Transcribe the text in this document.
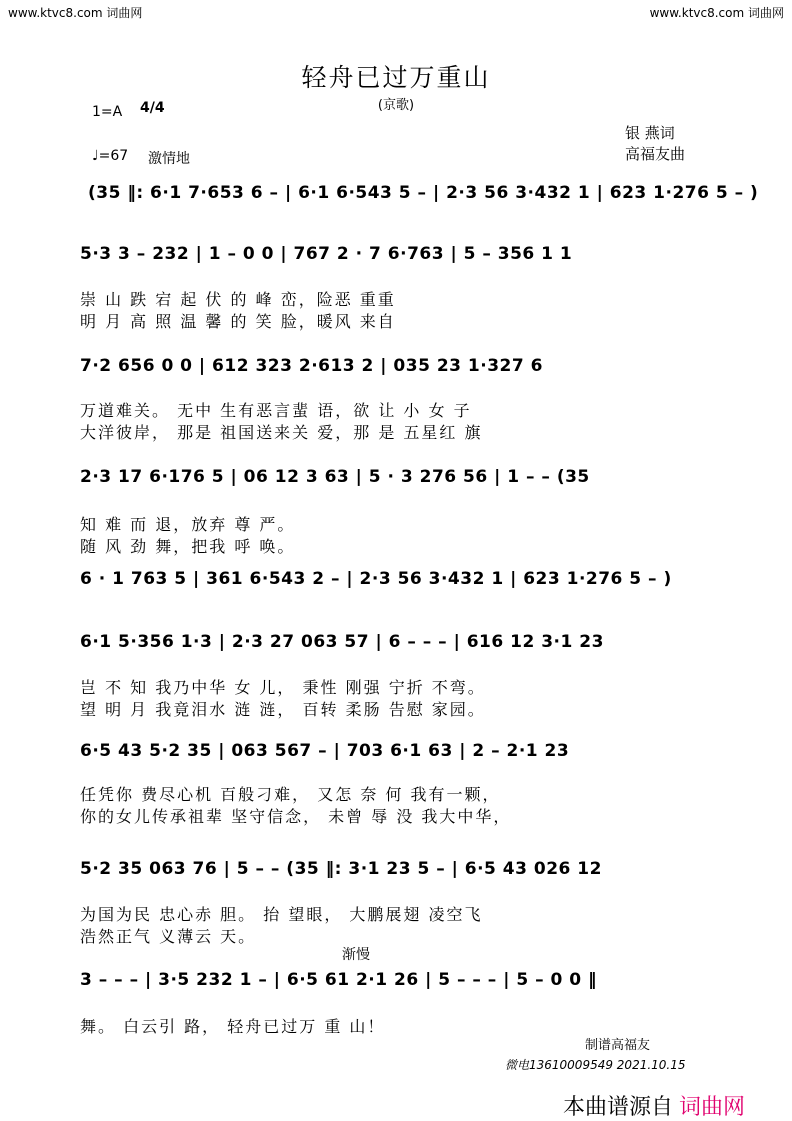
www.ktvc8.com 词曲网	www.ktvc8.com 词曲网
轻舟已过万重山
(京歌)
1=A 4/4
♩=67 激情地
银 燕词
高福友曲
(35 ‖: 6·1 7·653 6 – | 6·1 6·543 5 – | 2·3 56 3·432 1 | 623 1·276 5 – )
5·3 3 – 232 | 1 – 0 0 | 767 2 · 7 6·763 | 5 – 356 1 1
崇 山 跌 宕 起 伏 的 峰 峦，险恶 重重
明 月 高 照 温 馨 的 笑 脸，暖风 来自
7·2 656 0 0 | 612 323 2·613 2 | 035 23 1·327 6
万道难关。 无中 生有恶言蜚 语，欲 让 小 女 子
大洋彼岸， 那是 祖国送来关 爱，那 是 五星红 旗
2·3 17 6·176 5 | 06 12 3 63 | 5 · 3 276 56 | 1 – – (35
知 难 而 退，放弃 尊 严。
随 风 劲 舞，把我 呼 唤。
6 · 1 763 5 | 361 6·543 2 – | 2·3 56 3·432 1 | 623 1·276 5 – )
6·1 5·356 1·3 | 2·3 27 063 57 | 6 – – – | 616 12 3·1 23
岂 不 知 我乃中华 女 儿， 秉性 刚强 宁折 不弯。
望 明 月 我竟泪水 涟 涟， 百转 柔肠 告慰 家园。
6·5 43 5·2 35 | 063 567 – | 703 6·1 63 | 2 – 2·1 23
任凭你 费尽心机 百般刁难， 又怎 奈 何 我有一颗，
你的女儿传承祖辈 坚守信念， 未曾 辱 没 我大中华，
5·2 35 063 76 | 5 – – (35 ‖: 3·1 23 5 – | 6·5 43 026 12
为国为民 忠心赤 胆。 抬 望眼， 大鹏展翅 凌空飞
浩然正气 义薄云 天。
渐慢
3 – – – | 3·5 232 1 – | 6·5 61 2·1 26 | 5 – – – | 5 – 0 0 ‖
舞。 白云引 路， 轻舟已过万 重 山！
制谱高福友
微电13610009549 2021.10.15
本曲谱源自 词曲网
